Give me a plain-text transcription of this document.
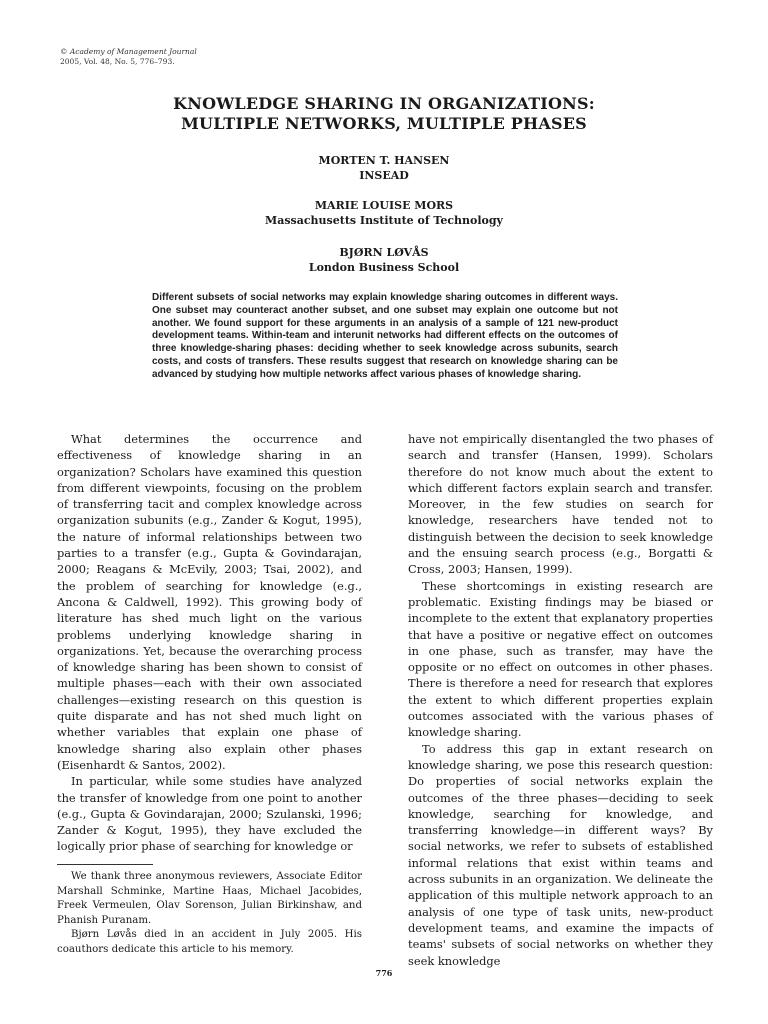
© Academy of Management Journal
2005, Vol. 48, No. 5, 776–793.
KNOWLEDGE SHARING IN ORGANIZATIONS:
MULTIPLE NETWORKS, MULTIPLE PHASES
MORTEN T. HANSEN
INSEAD
MARIE LOUISE MORS
Massachusetts Institute of Technology
BJØRN LØVÅS
London Business School
Different subsets of social networks may explain knowledge sharing outcomes in different ways. One subset may counteract another subset, and one subset may explain one outcome but not another. We found support for these arguments in an analysis of a sample of 121 new-product development teams. Within-team and interunit networks had different effects on the outcomes of three knowledge-sharing phases: deciding whether to seek knowledge across subunits, search costs, and costs of transfers. These results suggest that research on knowledge sharing can be advanced by studying how multiple networks affect various phases of knowledge sharing.

What determines the occurrence and effectiveness of knowledge sharing in an organization? Scholars have examined this question from different viewpoints, focusing on the problem of transferring tacit and complex knowledge across organization subunits (e.g., Zander & Kogut, 1995), the nature of informal relationships between two parties to a transfer (e.g., Gupta & Govindarajan, 2000; Reagans & McEvily, 2003; Tsai, 2002), and the problem of searching for knowledge (e.g., Ancona & Caldwell, 1992). This growing body of literature has shed much light on the various problems underlying knowledge sharing in organizations. Yet, because the overarching process of knowledge sharing has been shown to consist of multiple phases—each with their own associated challenges—existing research on this question is quite disparate and has not shed much light on whether variables that explain one phase of knowledge sharing also explain other phases (Eisenhardt & Santos, 2002).

In particular, while some studies have analyzed the transfer of knowledge from one point to another (e.g., Gupta & Govindarajan, 2000; Szulanski, 1996; Zander & Kogut, 1995), they have excluded the logically prior phase of searching for knowledge or

have not empirically disentangled the two phases of search and transfer (Hansen, 1999). Scholars therefore do not know much about the extent to which different factors explain search and transfer. Moreover, in the few studies on search for knowledge, researchers have tended not to distinguish between the decision to seek knowledge and the ensuing search process (e.g., Borgatti & Cross, 2003; Hansen, 1999).

These shortcomings in existing research are problematic. Existing findings may be biased or incomplete to the extent that explanatory properties that have a positive or negative effect on outcomes in one phase, such as transfer, may have the opposite or no effect on outcomes in other phases. There is therefore a need for research that explores the extent to which different properties explain outcomes associated with the various phases of knowledge sharing.

To address this gap in extant research on knowledge sharing, we pose this research question: Do properties of social networks explain the outcomes of the three phases—deciding to seek knowledge, searching for knowledge, and transferring knowledge—in different ways? By social networks, we refer to subsets of established informal relations that exist within teams and across subunits in an organization. We delineate the application of this multiple network approach to an analysis of one type of task units, new-product development teams, and examine the impacts of teams' subsets of social networks on whether they seek knowledge

We thank three anonymous reviewers, Associate Editor Marshall Schminke, Martine Haas, Michael Jacobides, Freek Vermeulen, Olav Sorenson, Julian Birkinshaw, and Phanish Puranam.

Bjørn Løvås died in an accident in July 2005. His coauthors dedicate this article to his memory.

776
